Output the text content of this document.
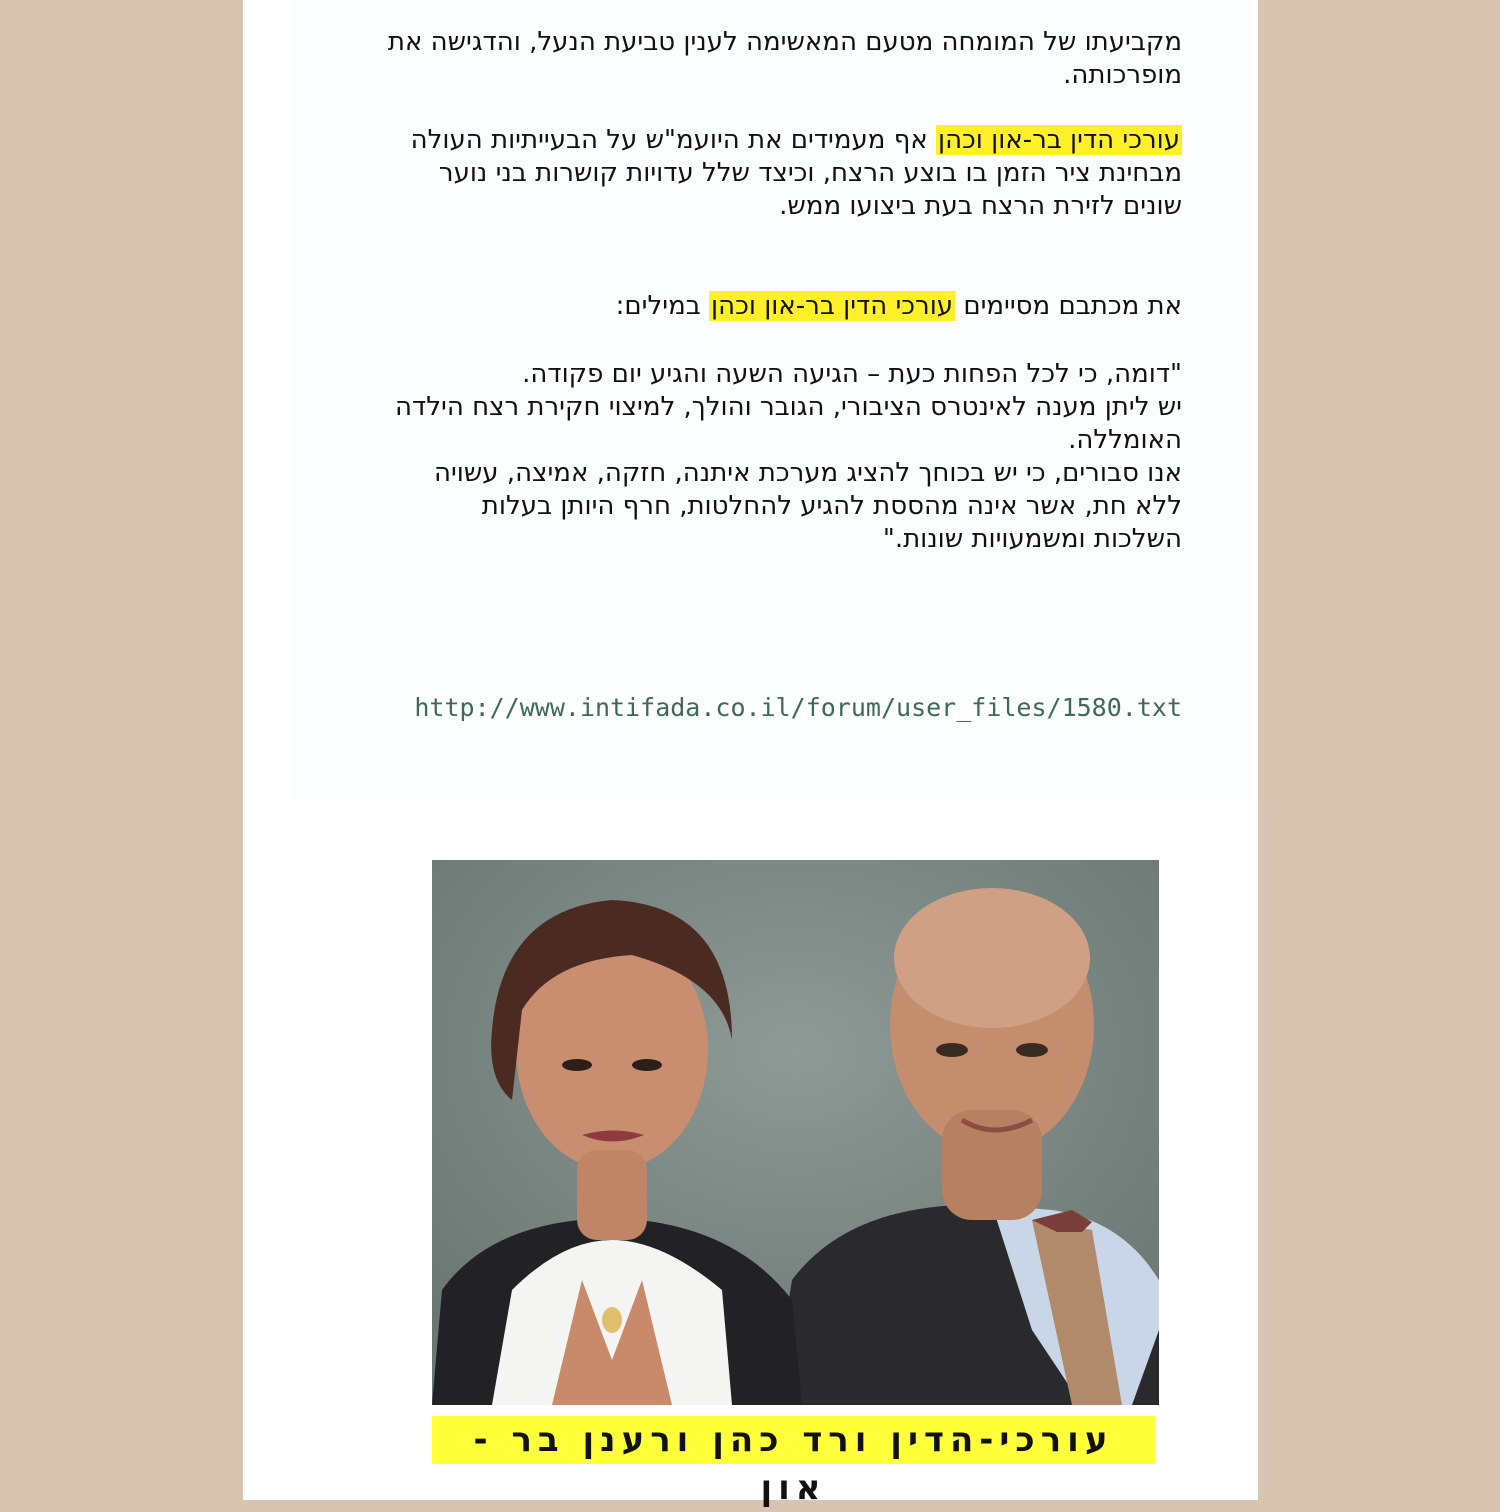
מקביעתו של המומחה מטעם המאשימה לענין טביעת הנעל, והדגישה את מופרכותה.

עורכי הדין בר-און וכהן אף מעמידים את היועמ"ש על הבעייתיות העולה
מבחינת ציר הזמן בו בוצע הרצח, וכיצד שלל עדויות קושרות בני נוער
שונים לזירת הרצח בעת ביצועו ממש.
את מכתבם מסיימים עורכי הדין בר-און וכהן במילים:
"דומה, כי לכל הפחות כעת – הגיעה השעה והגיע יום פקודה.
יש ליתן מענה לאינטרס הציבורי, הגובר והולך, למיצוי חקירת רצח הילדה
האומללה.
אנו סבורים, כי יש בכוחך להציג מערכת איתנה, חזקה, אמיצה, עשויה
ללא חת, אשר אינה מהססת להגיע להחלטות, חרף היותן בעלות
השלכות ומשמעויות שונות."
http://www.intifada.co.il/forum/user_files/1580.txt
עורכי-הדין ורד כהן ורענן בר - און
